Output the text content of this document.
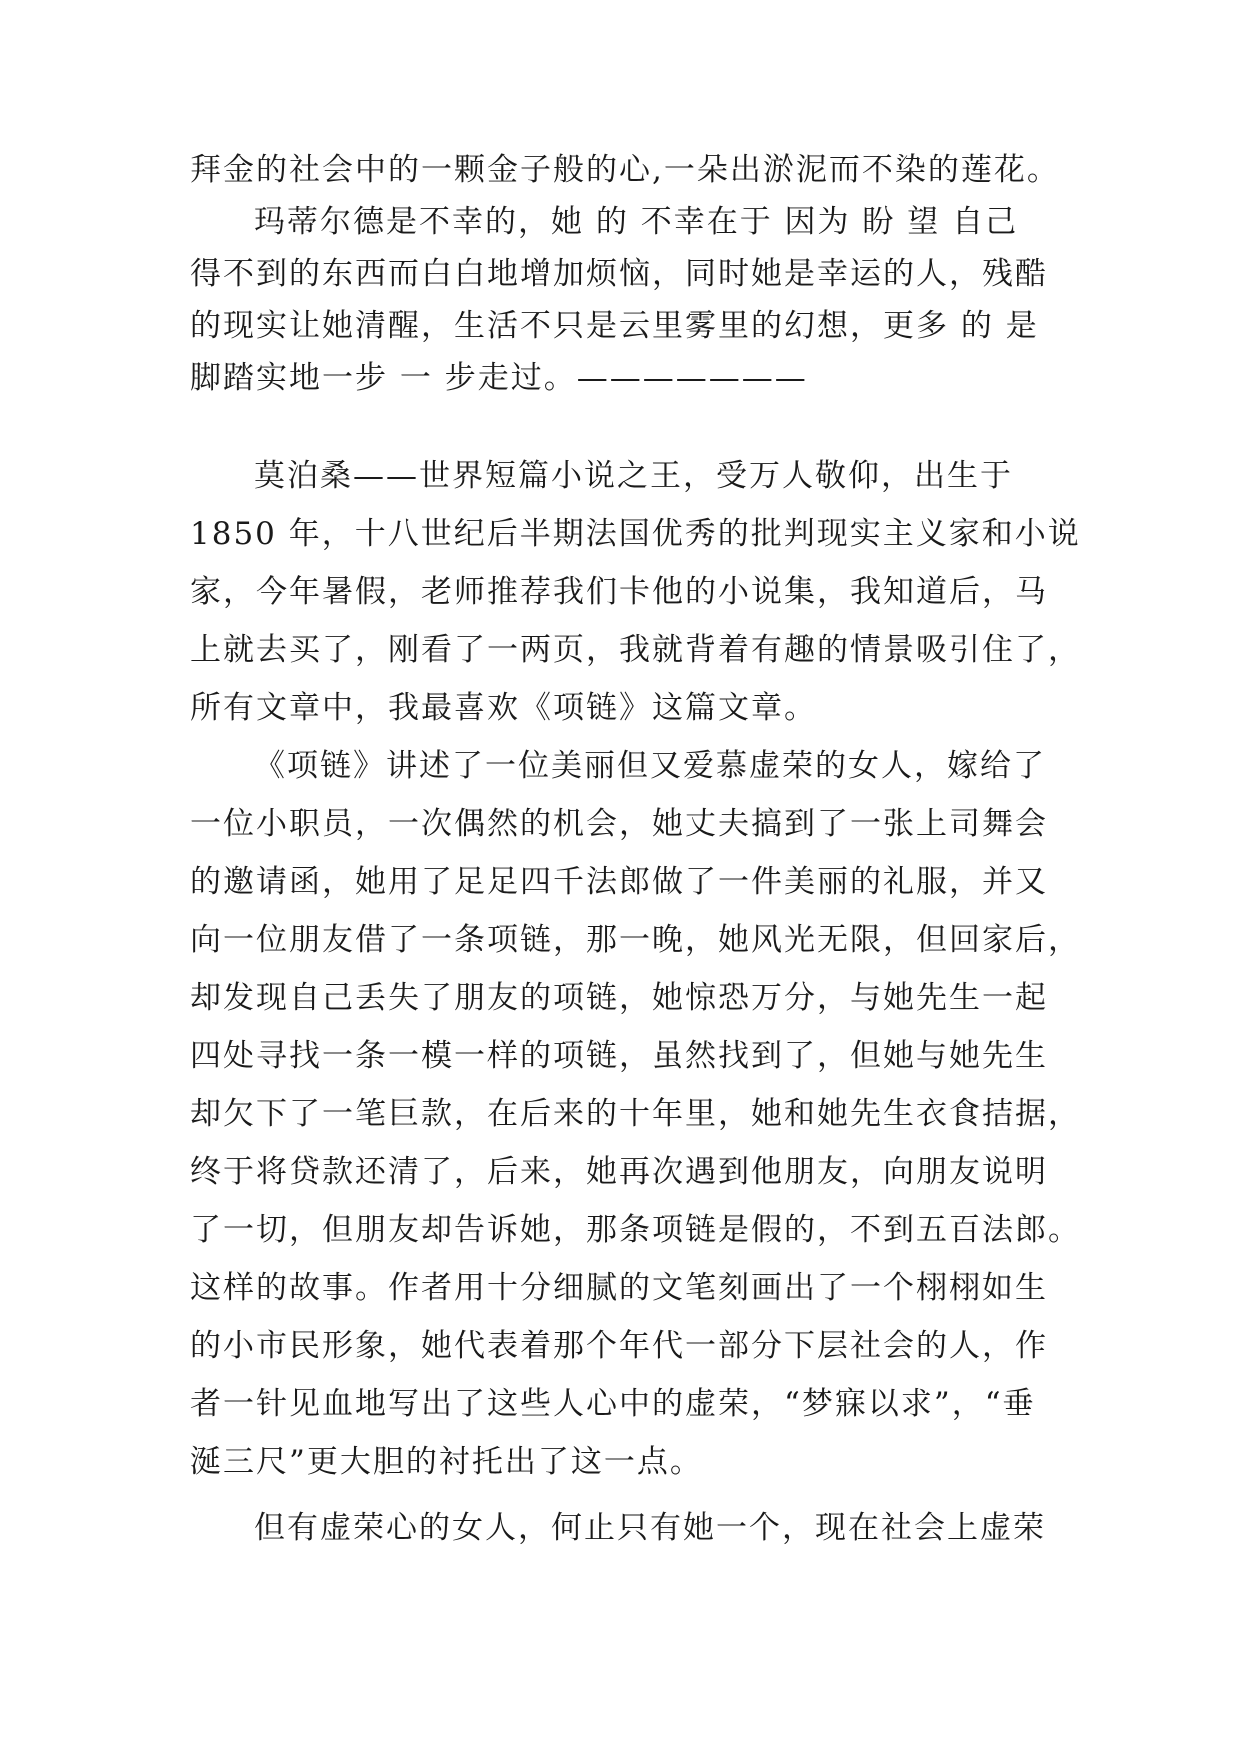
拜金的社会中的一颗金子般的心,一朵出淤泥而不染的莲花。
玛蒂尔德是不幸的，她 的 不幸在于 因为 盼 望 自己
得不到的东西而白白地增加烦恼，同时她是幸运的人，残酷
的现实让她清醒，生活不只是云里雾里的幻想，更多 的 是
脚踏实地一步 一 步走过。———————
莫泊桑——世界短篇小说之王，受万人敬仰，出生于
1850 年，十八世纪后半期法国优秀的批判现实主义家和小说
家，今年暑假，老师推荐我们卡他的小说集，我知道后，马
上就去买了，刚看了一两页，我就背着有趣的情景吸引住了，
所有文章中，我最喜欢《项链》这篇文章。
《项链》讲述了一位美丽但又爱慕虚荣的女人，嫁给了
一位小职员，一次偶然的机会，她丈夫搞到了一张上司舞会
的邀请函，她用了足足四千法郎做了一件美丽的礼服，并又
向一位朋友借了一条项链，那一晚，她风光无限，但回家后，
却发现自己丢失了朋友的项链，她惊恐万分，与她先生一起
四处寻找一条一模一样的项链，虽然找到了，但她与她先生
却欠下了一笔巨款，在后来的十年里，她和她先生衣食拮据，
终于将贷款还清了，后来，她再次遇到他朋友，向朋友说明
了一切，但朋友却告诉她，那条项链是假的，不到五百法郎。
这样的故事。作者用十分细腻的文笔刻画出了一个栩栩如生
的小市民形象，她代表着那个年代一部分下层社会的人，作
者一针见血地写出了这些人心中的虚荣，“梦寐以求”，“垂
涎三尺”更大胆的衬托出了这一点。
但有虚荣心的女人，何止只有她一个，现在社会上虚荣
